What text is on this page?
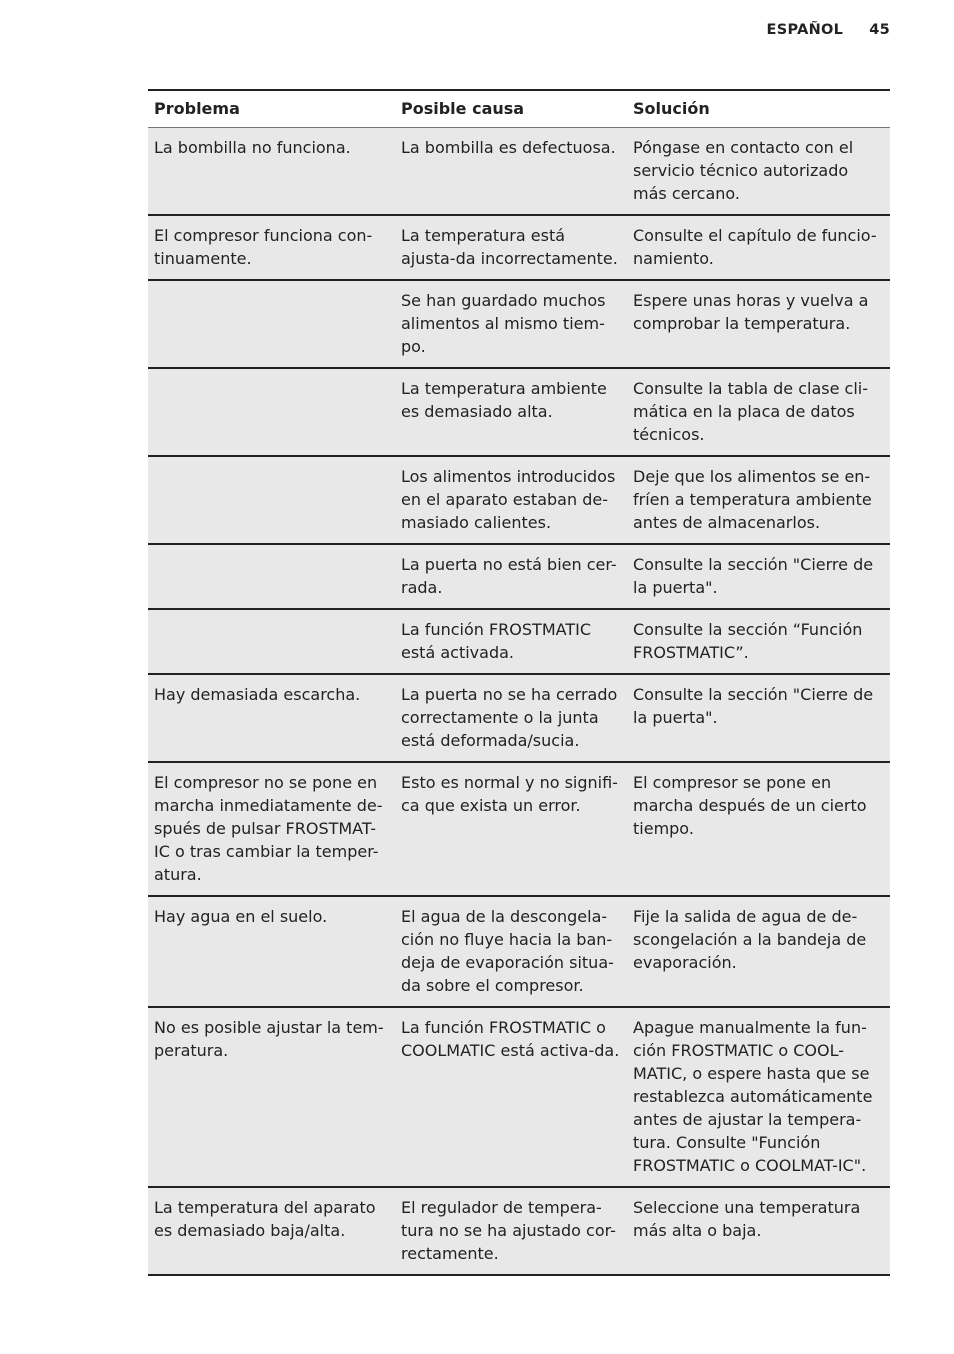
ESPAÑOL 45
Problema	Posible causa	Solución
La bombilla no funciona.	La bombilla es defectuosa.	Póngase en contacto con el servicio técnico autorizado más cercano.
El compresor funciona con-tinuamente.	La temperatura está ajusta-da incorrectamente.	Consulte el capítulo de funcio-namiento.
	Se han guardado muchos alimentos al mismo tiem-po.	Espere unas horas y vuelva a comprobar la temperatura.
	La temperatura ambiente es demasiado alta.	Consulte la tabla de clase cli-mática en la placa de datos técnicos.
	Los alimentos introducidos en el aparato estaban de-masiado calientes.	Deje que los alimentos se en-fríen a temperatura ambiente antes de almacenarlos.
	La puerta no está bien cer-rada.	Consulte la sección "Cierre de la puerta".
	La función FROSTMATIC está activada.	Consulte la sección “Función FROSTMATIC”.
Hay demasiada escarcha.	La puerta no se ha cerrado correctamente o la junta está deformada/sucia.	Consulte la sección "Cierre de la puerta".
El compresor no se pone en marcha inmediatamente de-spués de pulsar FROSTMAT-IC o tras cambiar la temper-atura.	Esto es normal y no signifi-ca que exista un error.	El compresor se pone en marcha después de un cierto tiempo.
Hay agua en el suelo.	El agua de la descongela-ción no fluye hacia la ban-deja de evaporación situa-da sobre el compresor.	Fije la salida de agua de de-scongelación a la bandeja de evaporación.
No es posible ajustar la tem-peratura.	La función FROSTMATIC o COOLMATIC está activa-da.	Apague manualmente la fun-ción FROSTMATIC o COOL-MATIC, o espere hasta que se restablezca automáticamente antes de ajustar la tempera-tura. Consulte "Función FROSTMATIC o COOLMAT-IC".
La temperatura del aparato es demasiado baja/alta.	El regulador de tempera-tura no se ha ajustado cor-rectamente.	Seleccione una temperatura más alta o baja.
